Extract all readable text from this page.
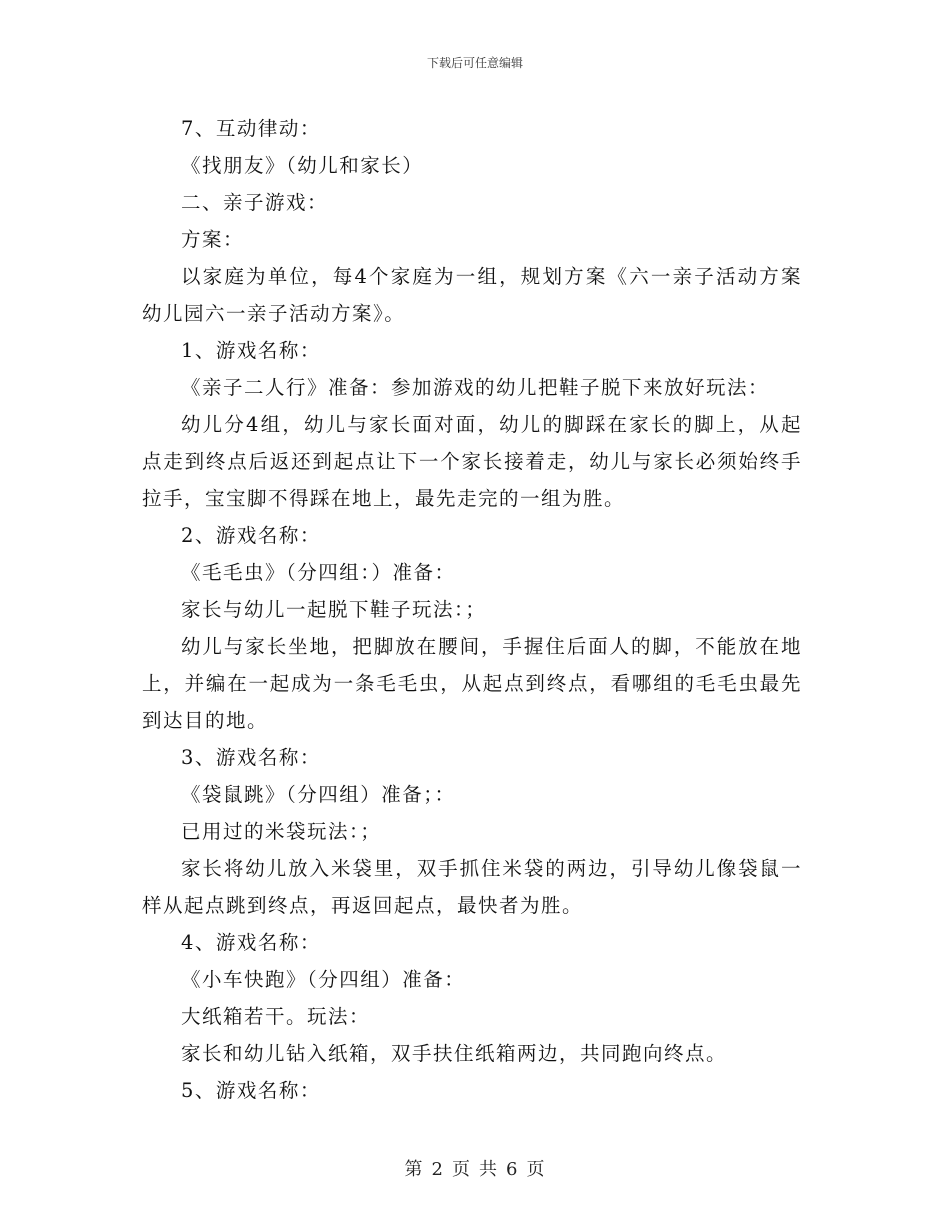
下载后可任意编辑

7、互动律动：

《找朋友》（幼儿和家长）

二、亲子游戏：

方案：

以家庭为单位，每4个家庭为一组，规划方案《六一亲子活动方案 幼儿园六一亲子活动方案》。

1、游戏名称：

《亲子二人行》准备：参加游戏的幼儿把鞋子脱下来放好玩法：

幼儿分4组，幼儿与家长面对面，幼儿的脚踩在家长的脚上，从起点走到终点后返还到起点让下一个家长接着走，幼儿与家长必须始终手拉手，宝宝脚不得踩在地上，最先走完的一组为胜。

2、游戏名称：

《毛毛虫》（分四组：）准备：

家长与幼儿一起脱下鞋子玩法：；

幼儿与家长坐地，把脚放在腰间，手握住后面人的脚，不能放在地上，并编在一起成为一条毛毛虫，从起点到终点，看哪组的毛毛虫最先到达目的地。

3、游戏名称：

《袋鼠跳》（分四组）准备；：

已用过的米袋玩法：；

家长将幼儿放入米袋里，双手抓住米袋的两边，引导幼儿像袋鼠一样从起点跳到终点，再返回起点，最快者为胜。

4、游戏名称：

《小车快跑》（分四组）准备：

大纸箱若干。玩法：

家长和幼儿钻入纸箱，双手扶住纸箱两边，共同跑向终点。

5、游戏名称：

第 2 页 共 6 页
